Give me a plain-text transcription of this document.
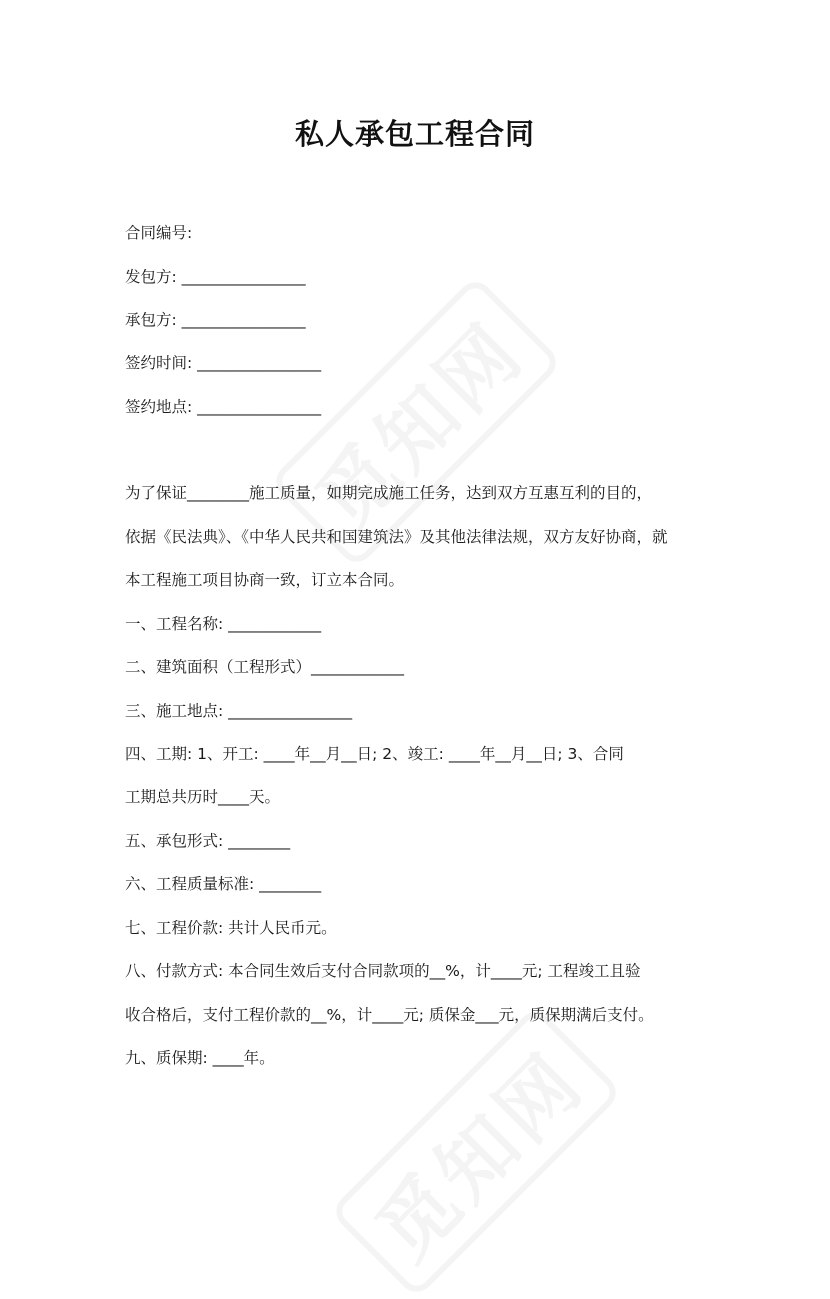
私人承包工程合同
合同编号:
发包方: ________________
承包方: ________________
签约时间: ________________
签约地点: ________________
为了保证________施工质量，如期完成施工任务，达到双方互惠互利的目的，
依据《民法典》、《中华人民共和国建筑法》及其他法律法规，双方友好协商，就
本工程施工项目协商一致，订立本合同。
一、工程名称: ____________
二、建筑面积（工程形式）____________
三、施工地点: ________________
四、工期: 1、开工: ____年__月__日; 2、竣工: ____年__月__日; 3、合同
工期总共历时____天。
五、承包形式: ________
六、工程质量标准: ________
七、工程价款: 共计人民币元。
八、付款方式: 本合同生效后支付合同款项的__%，计____元; 工程竣工且验
收合格后，支付工程价款的__%，计____元; 质保金___元，质保期满后支付。
九、质保期: ____年。
